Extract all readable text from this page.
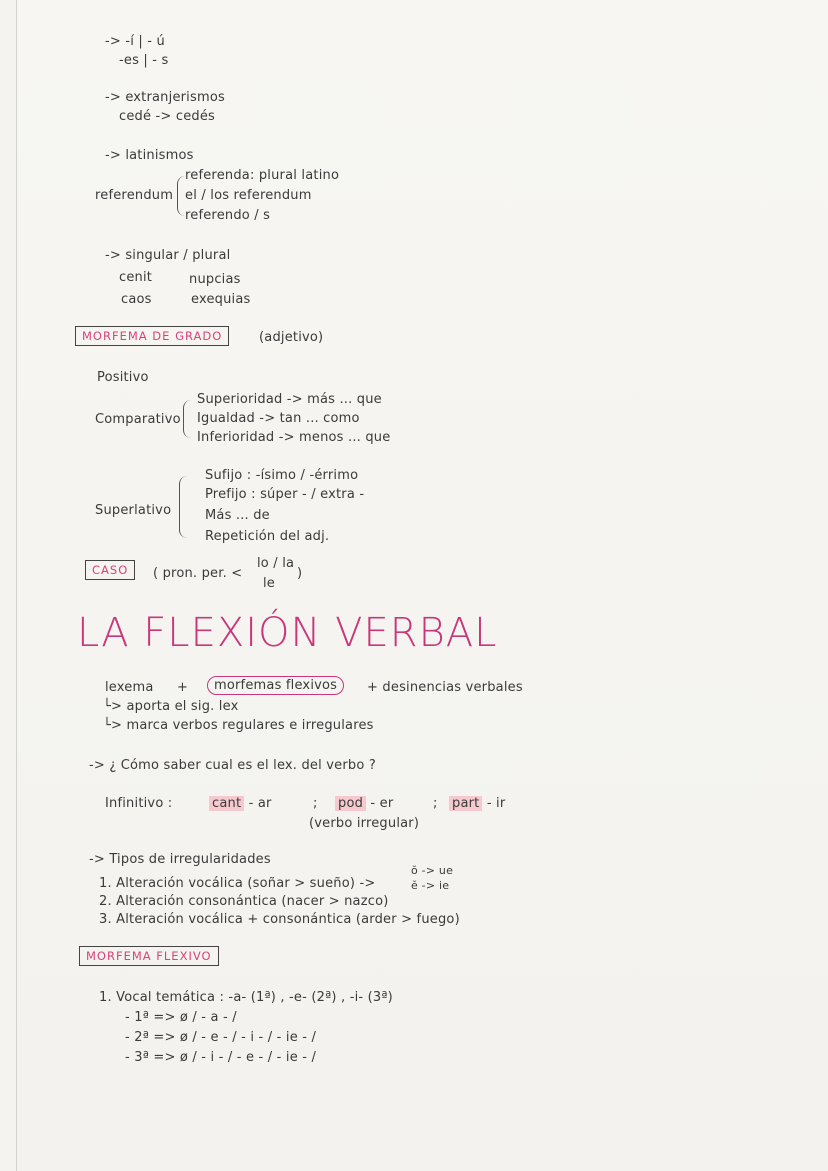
-> -í | - ú
-es | - s
-> extranjerismos
cedé -> cedés
-> latinismos
referenda: plural latino
referendum el / los referendum
referendo / s
-> singular / plural
cenit	nupcias
caos	exequias
MORFEMA DE GRADO	(adjetivo)
Positivo
Comparativo
Superioridad -> más ... que
Igualdad -> tan ... como
Inferioridad -> menos ... que
Superlativo
Sufijo : -ísimo / -érrimo
Prefijo : súper - / extra -
Más ... de
Repetición del adj.
CASO	( pron. per. <
lo / la
le
)
LA FLEXIÓN VERBAL
lexema +	morfemas flexivos	+ desinencias verbales
└> aporta el sig. lex
└> marca verbos regulares e irregulares
-> ¿ Cómo saber cual es el lex. del verbo ?
Infinitivo :	cant - ar	; pod - er	; part - ir
(verbo irregular)
-> Tipos de irregularidades
ŏ -> ue
1. Alteración vocálica (soñar > sueño) ->	ĕ -> ie
2. Alteración consonántica (nacer > nazco)
3. Alteración vocálica + consonántica (arder > fuego)
MORFEMA FLEXIVO
1. Vocal temática : -a- (1ª) , -e- (2ª) , -i- (3ª)
- 1ª => ø / - a - /
- 2ª => ø / - e - / - i - / - ie - /
- 3ª => ø / - i - / - e - / - ie - /
